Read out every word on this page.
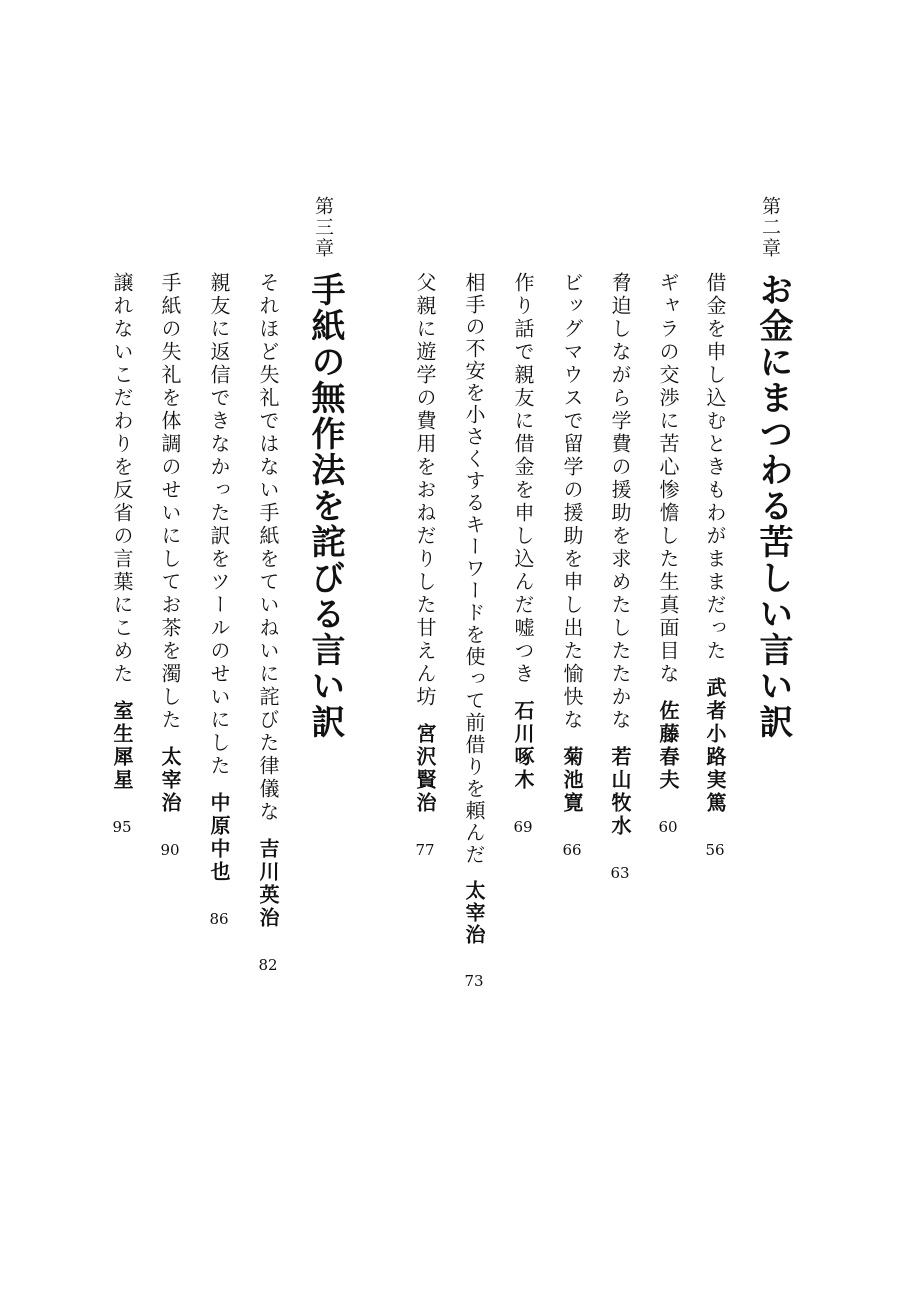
第二章
お金にまつわる苦しい言い訳
借金を申し込むときもわがままだった武者小路実篤56
ギャラの交渉に苦心惨憺した生真面目な佐藤春夫60
脅迫しながら学費の援助を求めたしたたかな若山牧水63
ビッグマウスで留学の援助を申し出た愉快な菊池寛66
作り話で親友に借金を申し込んだ嘘つき石川啄木69
相手の不安を小さくするキーワードを使って前借りを頼んだ太宰治73
父親に遊学の費用をおねだりした甘えん坊宮沢賢治77
第三章
手紙の無作法を詫びる言い訳
それほど失礼ではない手紙をていねいに詫びた律儀な吉川英治82
親友に返信できなかった訳をツールのせいにした中原中也86
手紙の失礼を体調のせいにしてお茶を濁した太宰治90
譲れないこだわりを反省の言葉にこめた室生犀星95
